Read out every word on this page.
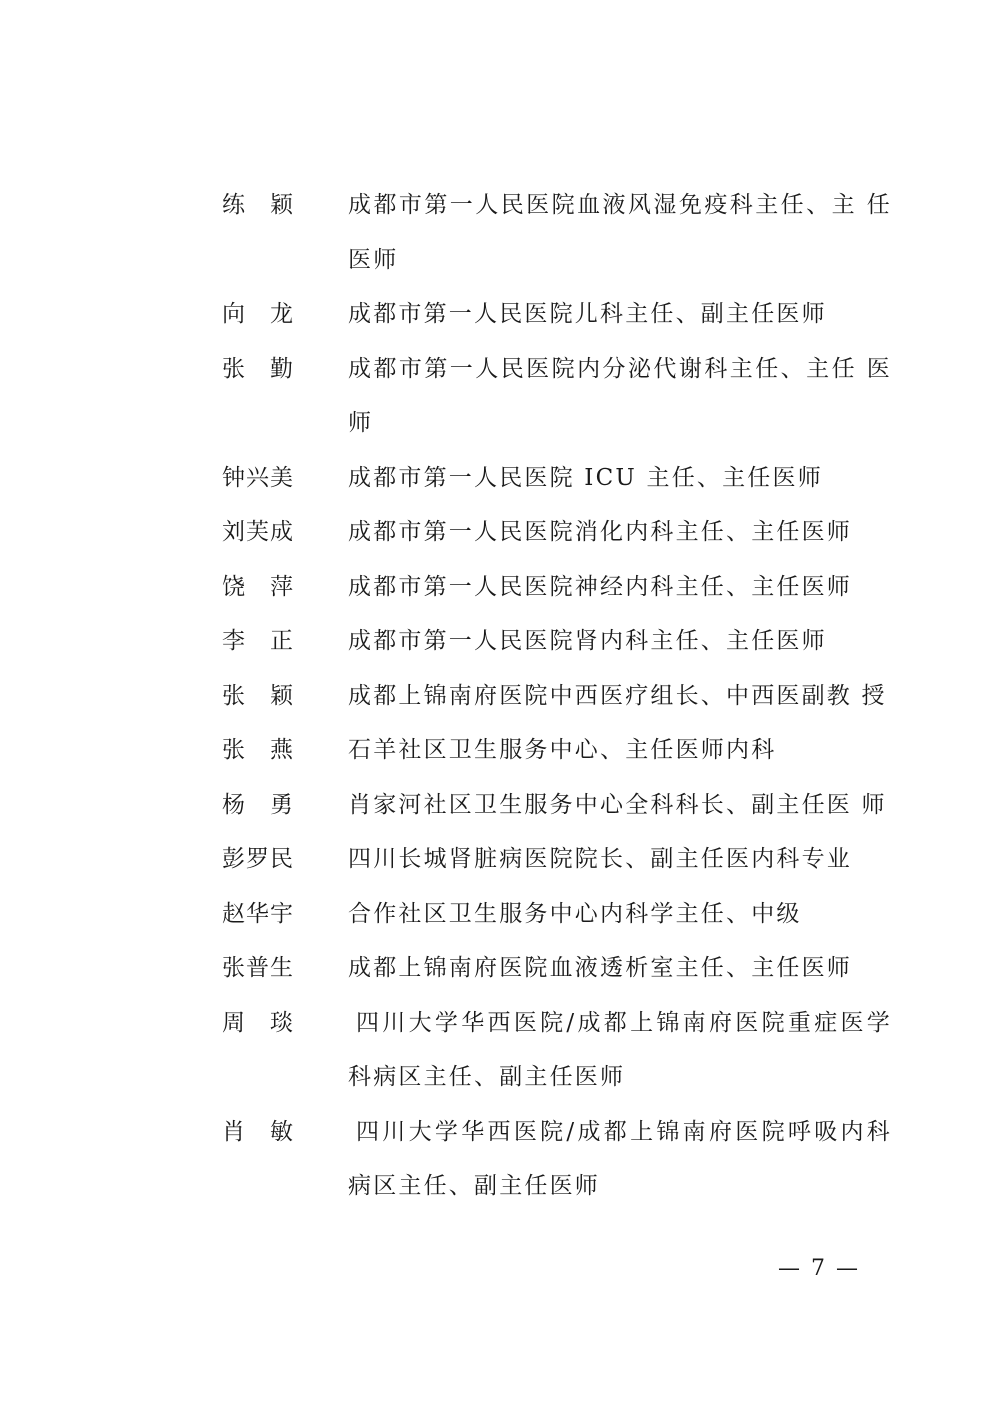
练　颖	成都市第一人民医院血液风湿免疫科主任、主 任医师
向　龙	成都市第一人民医院儿科主任、副主任医师
张　勤	成都市第一人民医院内分泌代谢科主任、主任 医师
钟兴美	成都市第一人民医院 ICU 主任、主任医师
刘芙成	成都市第一人民医院消化内科主任、主任医师
饶　萍	成都市第一人民医院神经内科主任、主任医师
李　正	成都市第一人民医院肾内科主任、主任医师
张　颖	成都上锦南府医院中西医疗组长、中西医副教 授
张　燕	石羊社区卫生服务中心、主任医师内科
杨　勇	肖家河社区卫生服务中心全科科长、副主任医 师
彭罗民	四川长城肾脏病医院院长、副主任医内科专业
赵华宇	合作社区卫生服务中心内科学主任、中级
张普生	成都上锦南府医院血液透析室主任、主任医师
周　琰	四川大学华西医院/成都上锦南府医院重症医学科病区主任、副主任医师
肖　敏	四川大学华西医院/成都上锦南府医院呼吸内科病区主任、副主任医师
— 7 —
